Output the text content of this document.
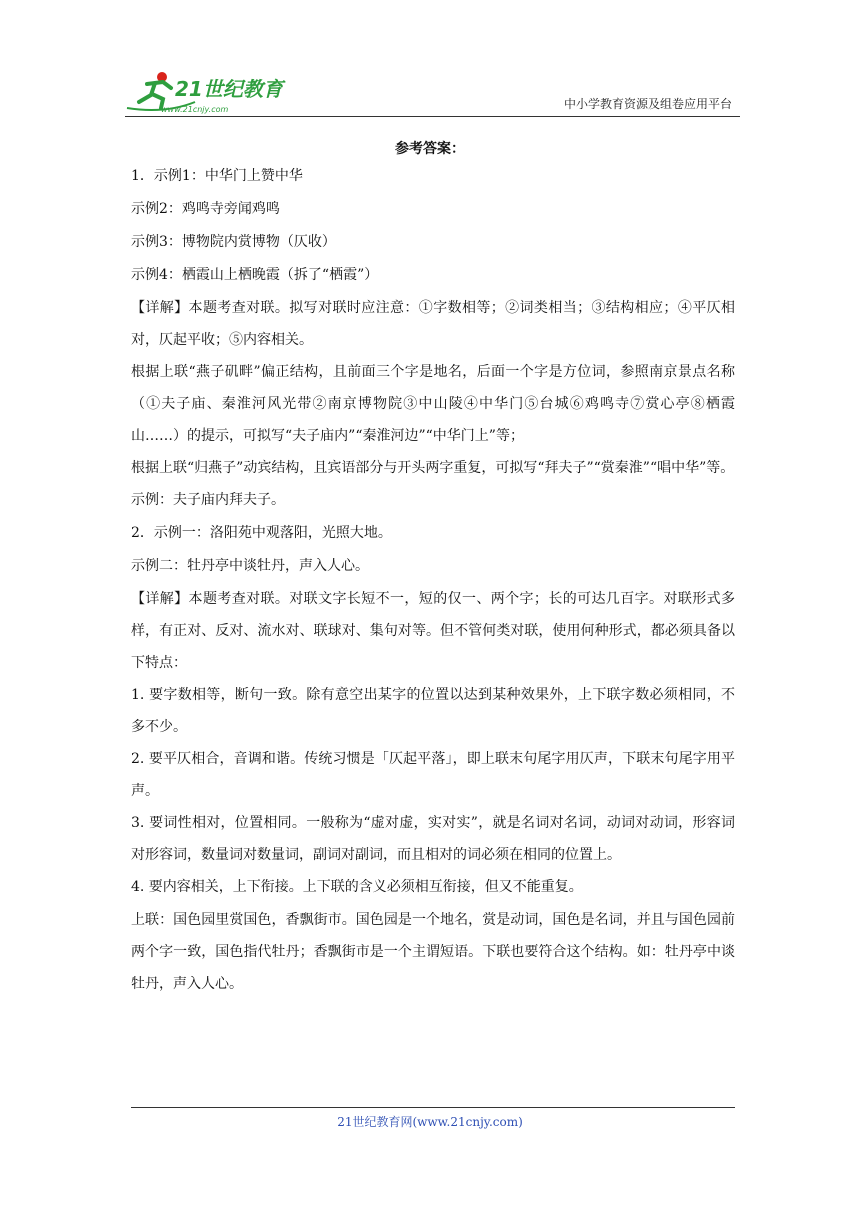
21世纪教育
www.21cnjy.com	中小学教育资源及组卷应用平台
参考答案：

1．示例1：中华门上赞中华

示例2：鸡鸣寺旁闻鸡鸣

示例3：博物院内赏博物（仄收）

示例4：栖霞山上栖晚霞（拆了“栖霞”）

【详解】本题考查对联。拟写对联时应注意：①字数相等；②词类相当；③结构相应；④平仄相对，仄起平收；⑤内容相关。

根据上联“燕子矶畔”偏正结构，且前面三个字是地名，后面一个字是方位词，参照南京景点名称（①夫子庙、秦淮河风光带②南京博物院③中山陵④中华门⑤台城⑥鸡鸣寺⑦赏心亭⑧栖霞山……）的提示，可拟写“夫子庙内”“秦淮河边”“中华门上”等；

根据上联“归燕子”动宾结构，且宾语部分与开头两字重复，可拟写“拜夫子”“赏秦淮”“唱中华”等。

示例：夫子庙内拜夫子。

2．示例一：洛阳苑中观落阳，光照大地。

示例二：牡丹亭中谈牡丹，声入人心。

【详解】本题考查对联。对联文字长短不一，短的仅一、两个字；长的可达几百字。对联形式多样，有正对、反对、流水对、联球对、集句对等。但不管何类对联，使用何种形式，都必须具备以下特点：

1. 要字数相等，断句一致。除有意空出某字的位置以达到某种效果外，上下联字数必须相同，不多不少。

2. 要平仄相合，音调和谐。传统习惯是「仄起平落」，即上联末句尾字用仄声，下联末句尾字用平声。

3. 要词性相对，位置相同。一般称为“虚对虚，实对实”，就是名词对名词，动词对动词，形容词对形容词，数量词对数量词，副词对副词，而且相对的词必须在相同的位置上。

4. 要内容相关，上下衔接。上下联的含义必须相互衔接，但又不能重复。

上联：国色园里赏国色，香飘街市。国色园是一个地名，赏是动词，国色是名词，并且与国色园前两个字一致，国色指代牡丹；香飘街市是一个主谓短语。下联也要符合这个结构。如：牡丹亭中谈牡丹，声入人心。

21世纪教育网(www.21cnjy.com)
